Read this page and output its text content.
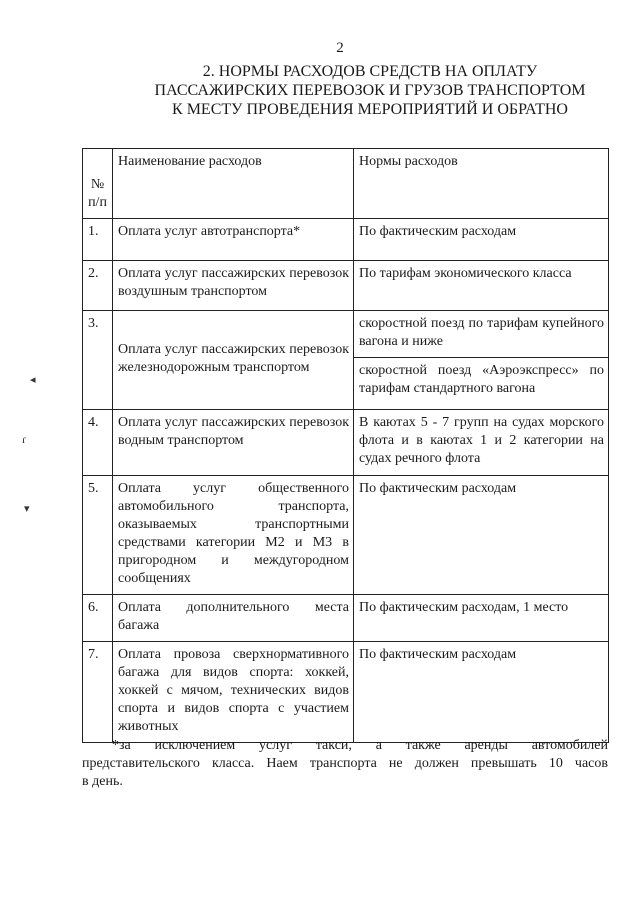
2
2. НОРМЫ РАСХОДОВ СРЕДСТВ НА ОПЛАТУ
ПАССАЖИРСКИХ ПЕРЕВОЗОК И ГРУЗОВ ТРАНСПОРТОМ
К МЕСТУ ПРОВЕДЕНИЯ МЕРОПРИЯТИЙ И ОБРАТНО
№ п/п	Наименование расходов	Нормы расходов
1.	Оплата услуг автотранспорта*	По фактическим расходам
2.	Оплата услуг пассажирских перевозок воздушным транспортом	По тарифам экономического класса
3.	Оплата услуг пассажирских перевозок железнодорожным транспортом	скоростной поезд по тарифам купейного вагона и ниже
		скоростной поезд «Аэроэкспресс» по тарифам стандартного вагона
4.	Оплата услуг пассажирских перевозок водным транспортом	В каютах 5 - 7 групп на судах морского флота и в каютах 1 и 2 категории на судах речного флота
5.	Оплата услуг общественного автомобильного транспорта, оказываемых транспортными средствами категории М2 и М3 в пригородном и междугородном сообщениях	По фактическим расходам
6.	Оплата дополнительного места багажа	По фактическим расходам, 1 место
7.	Оплата провоза сверхнормативного багажа для видов спорта: хоккей, хоккей с мячом, технических видов спорта и видов спорта с участием животных	По фактическим расходам
*за исключением услуг такси, а также аренды автомобилей
представительского класса. Наем транспорта не должен превышать 10 часов
в день.
◂
ɾ
▾
